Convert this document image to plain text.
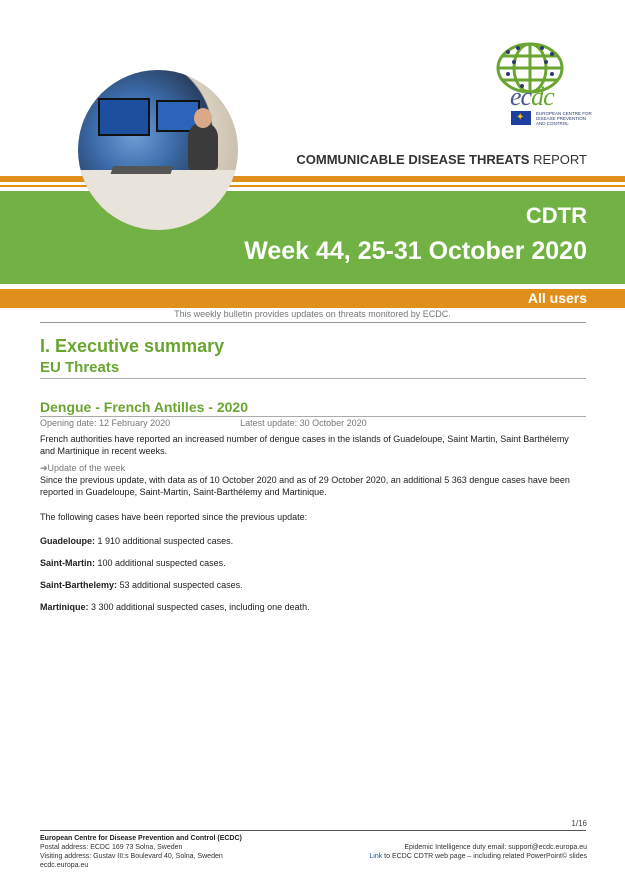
ecdc
✦
EUROPEAN CENTRE FOR DISEASE PREVENTION AND CONTROL
COMMUNICABLE DISEASE THREATS REPORT
CDTR
Week 44, 25-31 October 2020
All users
This weekly bulletin provides updates on threats monitored by ECDC.
I. Executive summary
EU Threats
Dengue - French Antilles - 2020
Opening date: 12 February 2020	Latest update: 30 October 2020
French authorities have reported an increased number of dengue cases in the islands of Guadeloupe, Saint Martin, Saint Barthélemy and Martinique in recent weeks.
➔Update of the week
Since the previous update, with data as of 10 October 2020 and as of 29 October 2020, an additional 5 363 dengue cases have been reported in Guadeloupe, Saint-Martin, Saint-Barthélemy and Martinique.
The following cases have been reported since the previous update:
Guadeloupe: 1 910 additional suspected cases.
Saint-Martin: 100 additional suspected cases.
Saint-Barthelemy: 53 additional suspected cases.
Martinique: 3 300 additional suspected cases, including one death.
1/16
European Centre for Disease Prevention and Control (ECDC)
Postal address: ECDC 169 73 Solna, Sweden
Visiting address: Gustav III:s Boulevard 40, Solna, Sweden
ecdc.europa.eu
Epidemic Intelligence duty email: support@ecdc.europa.eu
Link to ECDC CDTR web page – including related PowerPoint© slides
